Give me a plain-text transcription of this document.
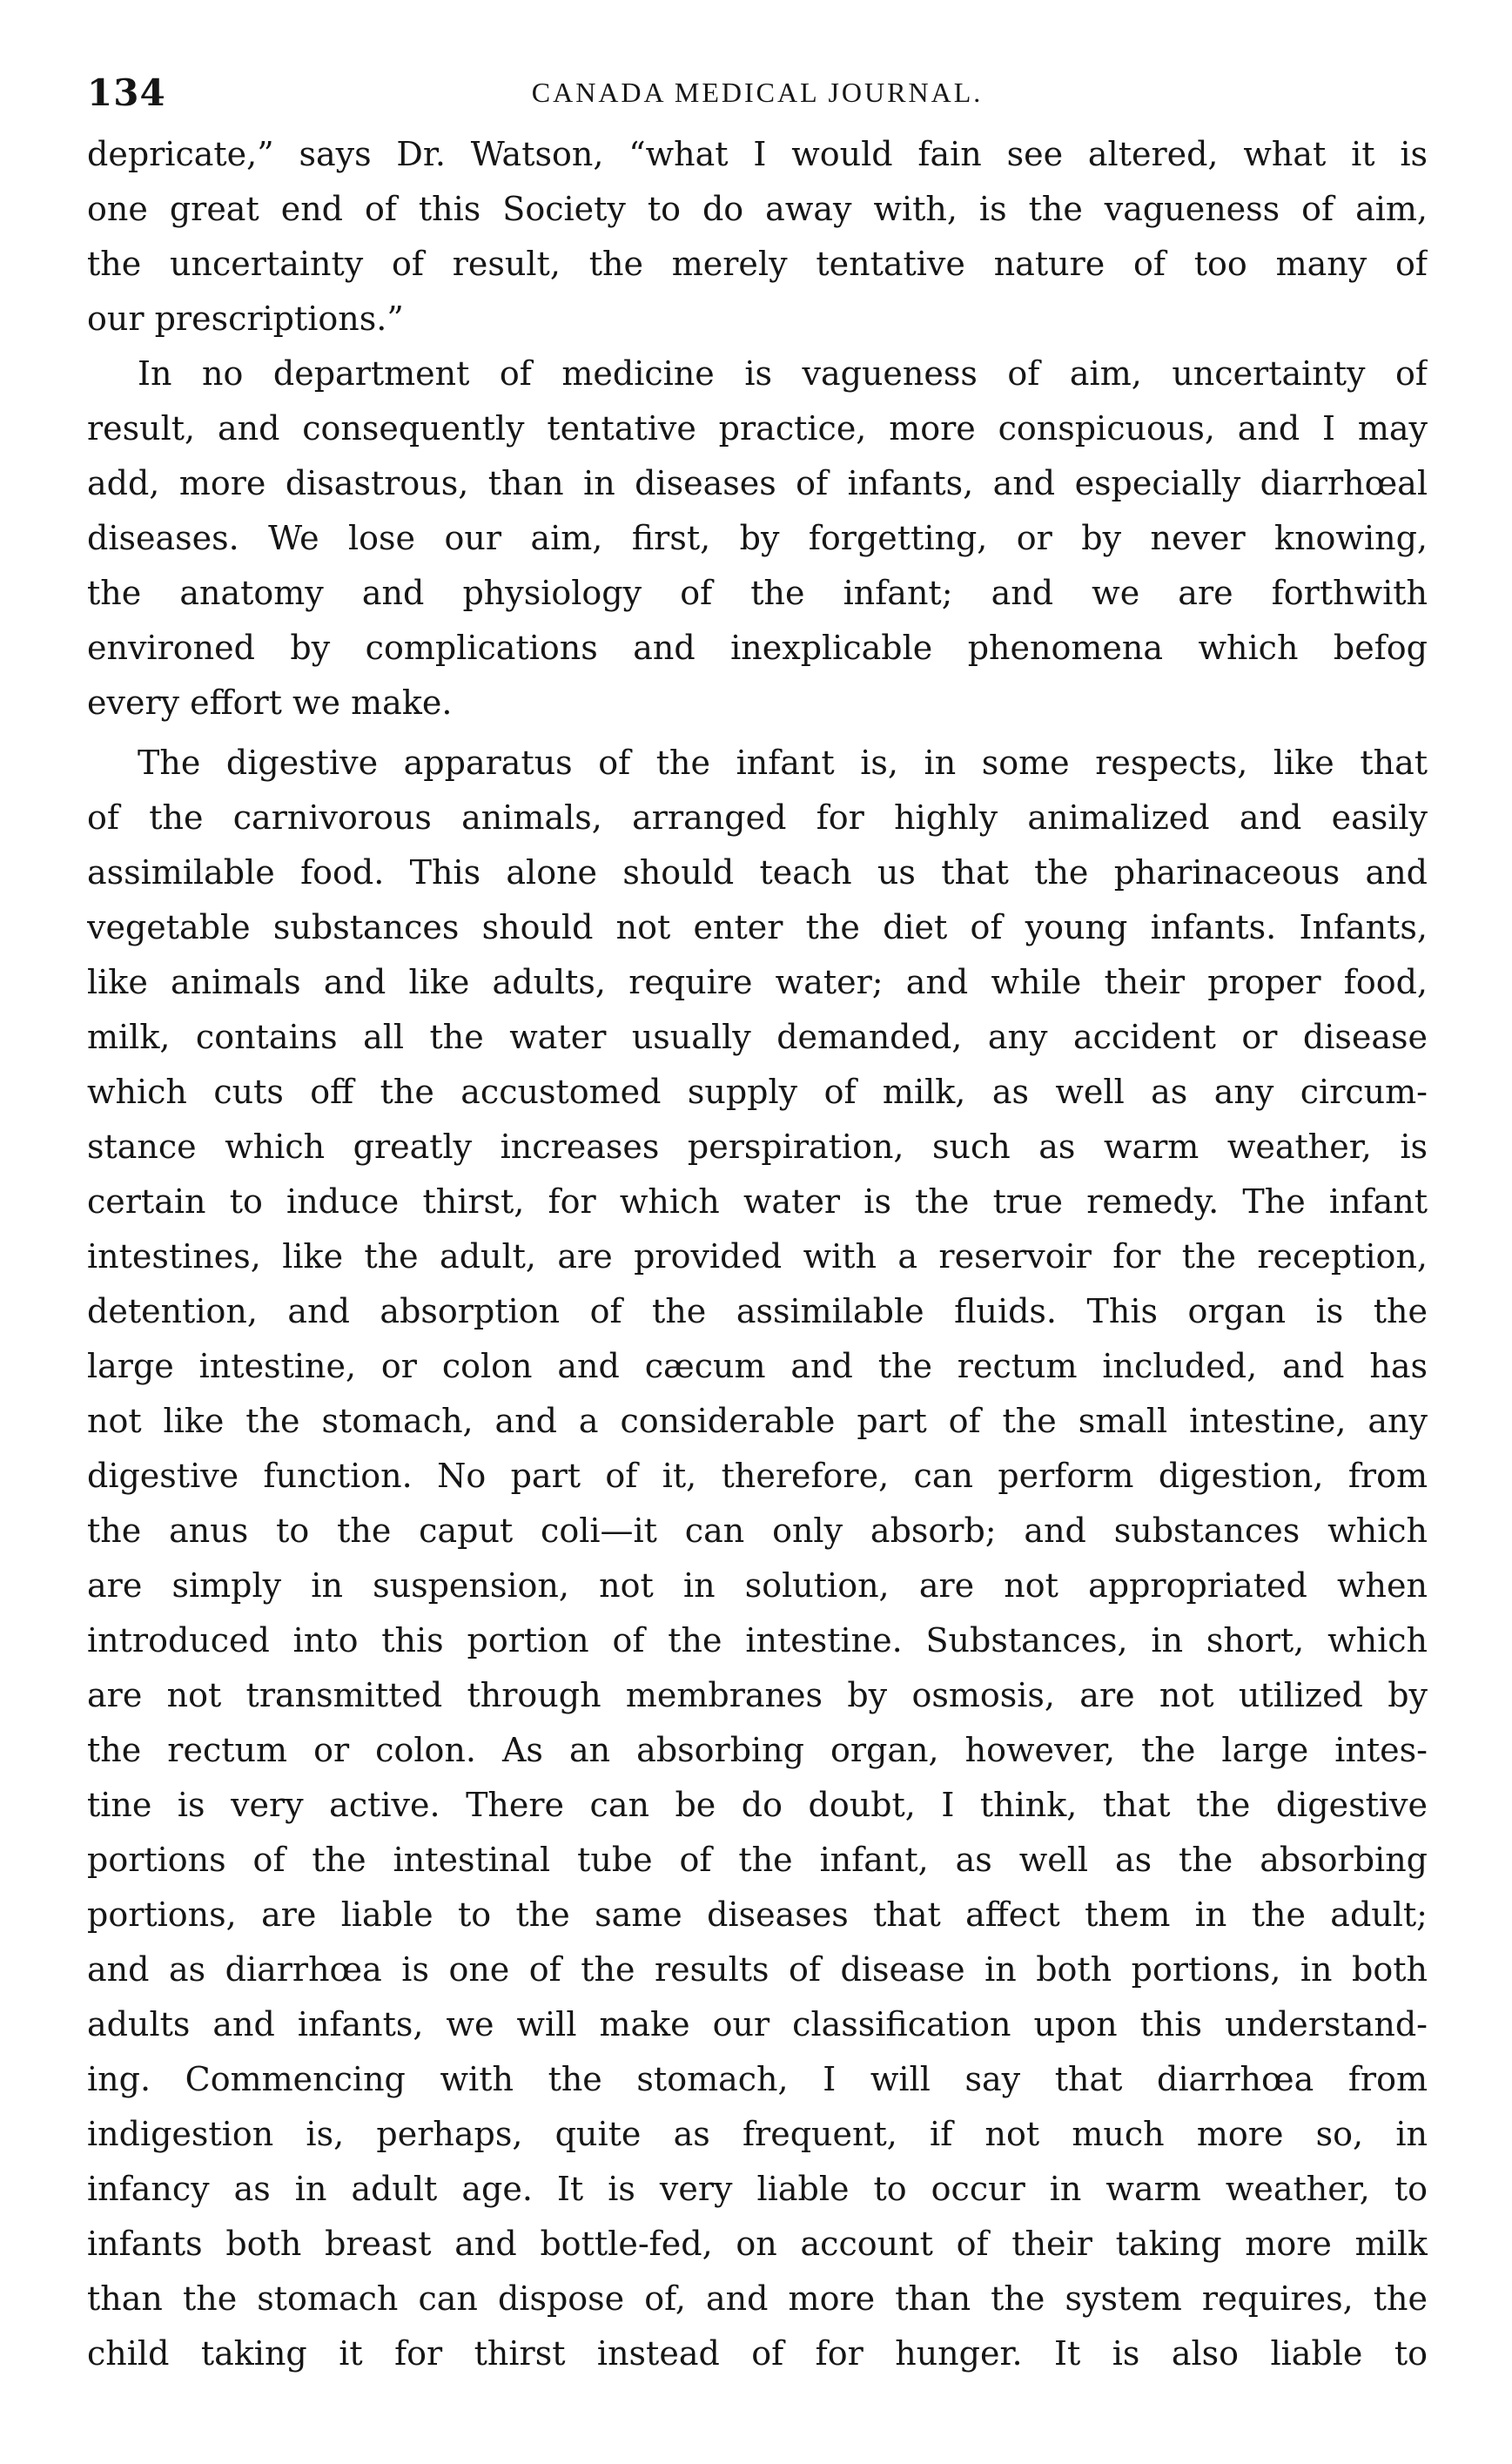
134	CANADA MEDICAL JOURNAL.
depricate,” says Dr. Watson, “what I would fain see altered, what it is
one great end of this Society to do away with, is the vagueness of aim,
the uncertainty of result, the merely tentative nature of too many of
our prescriptions.”
In no department of medicine is vagueness of aim, uncertainty of
result, and consequently tentative practice, more conspicuous, and I may
add, more disastrous, than in diseases of infants, and especially diarrhœal
diseases. We lose our aim, first, by forgetting, or by never knowing,
the anatomy and physiology of the infant; and we are forthwith
environed by complications and inexplicable phenomena which befog
every effort we make.
The digestive apparatus of the infant is, in some respects, like that
of the carnivorous animals, arranged for highly animalized and easily
assimilable food. This alone should teach us that the pharinaceous and
vegetable substances should not enter the diet of young infants. Infants,
like animals and like adults, require water; and while their proper food,
milk, contains all the water usually demanded, any accident or disease
which cuts off the accustomed supply of milk, as well as any circum-
stance which greatly increases perspiration, such as warm weather, is
certain to induce thirst, for which water is the true remedy. The infant
intestines, like the adult, are provided with a reservoir for the reception,
detention, and absorption of the assimilable fluids. This organ is the
large intestine, or colon and cæcum and the rectum included, and has
not like the stomach, and a considerable part of the small intestine, any
digestive function. No part of it, therefore, can perform digestion, from
the anus to the caput coli—it can only absorb; and substances which
are simply in suspension, not in solution, are not appropriated when
introduced into this portion of the intestine. Substances, in short, which
are not transmitted through membranes by osmosis, are not utilized by
the rectum or colon. As an absorbing organ, however, the large intes-
tine is very active. There can be do doubt, I think, that the digestive
portions of the intestinal tube of the infant, as well as the absorbing
portions, are liable to the same diseases that affect them in the adult;
and as diarrhœa is one of the results of disease in both portions, in both
adults and infants, we will make our classification upon this understand-
ing. Commencing with the stomach, I will say that diarrhœa from
indigestion is, perhaps, quite as frequent, if not much more so, in
infancy as in adult age. It is very liable to occur in warm weather, to
infants both breast and bottle-fed, on account of their taking more milk
than the stomach can dispose of, and more than the system requires, the
child taking it for thirst instead of for hunger. It is also liable to
